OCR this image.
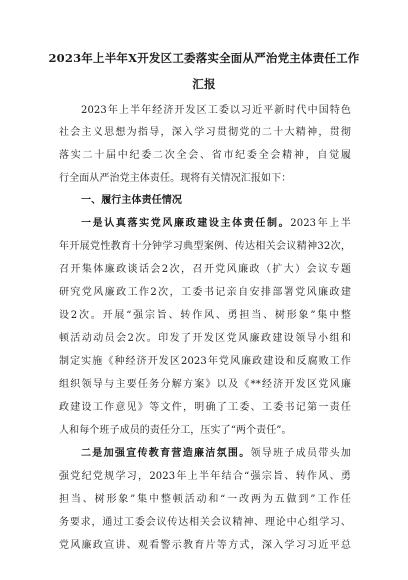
2023年上半年X开发区工委落实全面从严治党主体责任工作
汇报
2023年上半年经济开发区工委以习近平新时代中国特色
社会主义思想为指导，深入学习贯彻党的二十大精神，贯彻
落实二十届中纪委二次全会、省市纪委全会精神，自觉履
行全面从严治党主体责任。现将有关情况汇报如下：
一、履行主体责任情况
一是认真落实党风廉政建设主体责任制。2023年上半
年开展党性教育十分钟学习典型案例、传达相关会议精神32次，
召开集体廉政谈话会2次，召开党风廉政（扩大）会议专题
研究党风廉政工作2次，工委书记亲自安排部署党风廉政建
设2次。开展“强宗旨、转作风、勇担当、树形象”集中整
顿活动动员会2次。印发了开发区党风廉政建设领导小组和
制定实施《种经济开发区2023年党风廉政建设和反腐败工作
组织领导与主要任务分解方案》以及《**经济开发区党风廉
政建设工作意见》等文件，明确了工委、工委书记第一责任
人和每个班子成员的责任分工，压实了“两个责任”。
二是加强宣传教育营造廉洁氛围。领导班子成员带头加
强党纪党规学习，2023年上半年结合“强宗旨、转作风、勇
担当、树形象”集中整顿活动和“一改两为五做到”工作任
务要求，通过工委会议传达相关会议精神、理论中心组学习、
党风廉政宣讲、观看警示教育片等方式，深入学习习近平总
